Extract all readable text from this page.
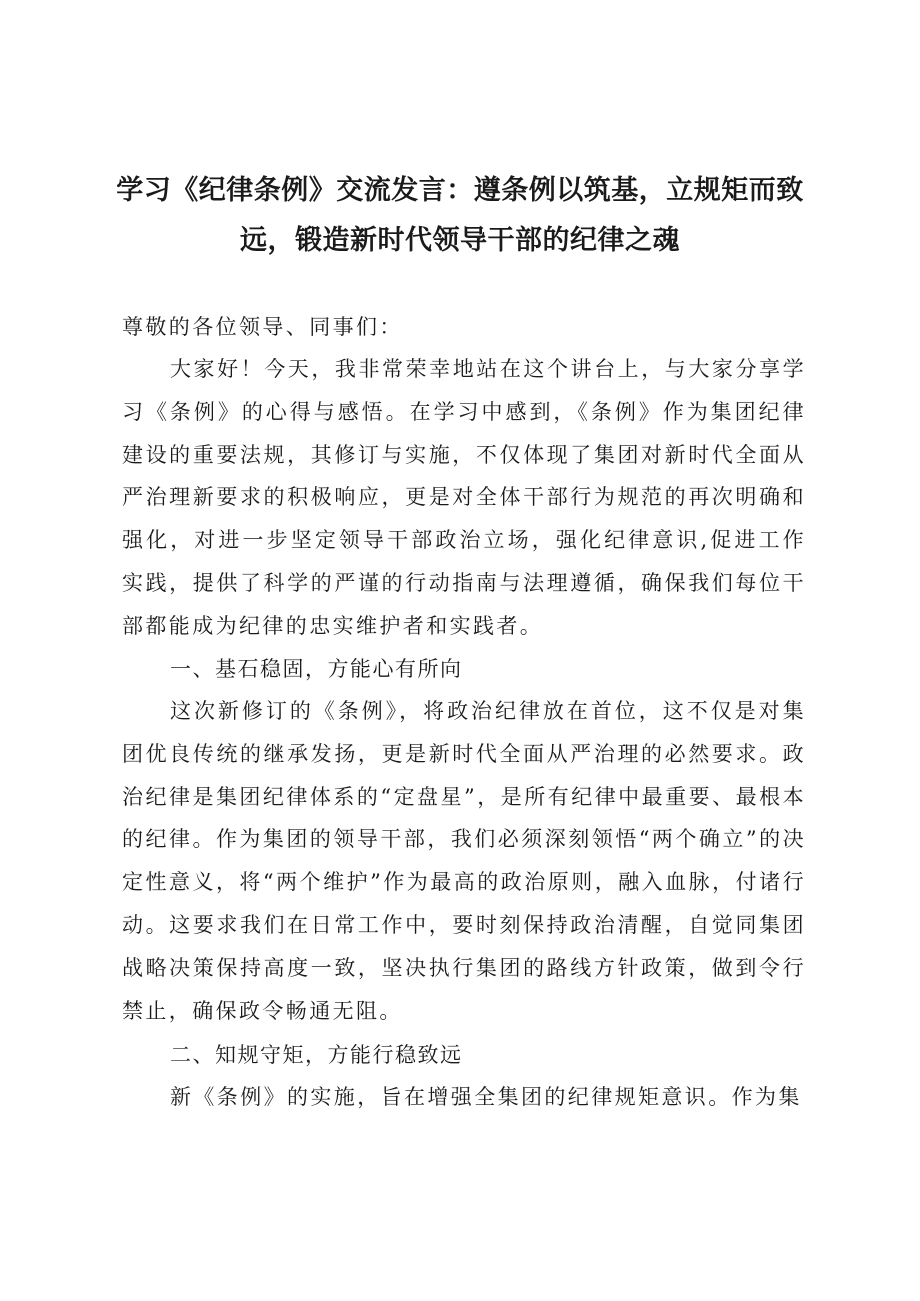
学习《纪律条例》交流发言：遵条例以筑基，立规矩而致远，锻造新时代领导干部的纪律之魂

尊敬的各位领导、同事们：

大家好！今天，我非常荣幸地站在这个讲台上，与大家分享学习《条例》的心得与感悟。在学习中感到，《条例》作为集团纪律建设的重要法规，其修订与实施，不仅体现了集团对新时代全面从严治理新要求的积极响应，更是对全体干部行为规范的再次明确和强化，对进一步坚定领导干部政治立场，强化纪律意识,促进工作实践，提供了科学的严谨的行动指南与法理遵循，确保我们每位干部都能成为纪律的忠实维护者和实践者。

一、基石稳固，方能心有所向

这次新修订的《条例》，将政治纪律放在首位，这不仅是对集团优良传统的继承发扬，更是新时代全面从严治理的必然要求。政治纪律是集团纪律体系的“定盘星”，是所有纪律中最重要、最根本的纪律。作为集团的领导干部，我们必须深刻领悟“两个确立”的决定性意义，将“两个维护”作为最高的政治原则，融入血脉，付诸行动。这要求我们在日常工作中，要时刻保持政治清醒，自觉同集团战略决策保持高度一致，坚决执行集团的路线方针政策，做到令行禁止，确保政令畅通无阻。

二、知规守矩，方能行稳致远

新《条例》的实施，旨在增强全集团的纪律规矩意识。作为集
